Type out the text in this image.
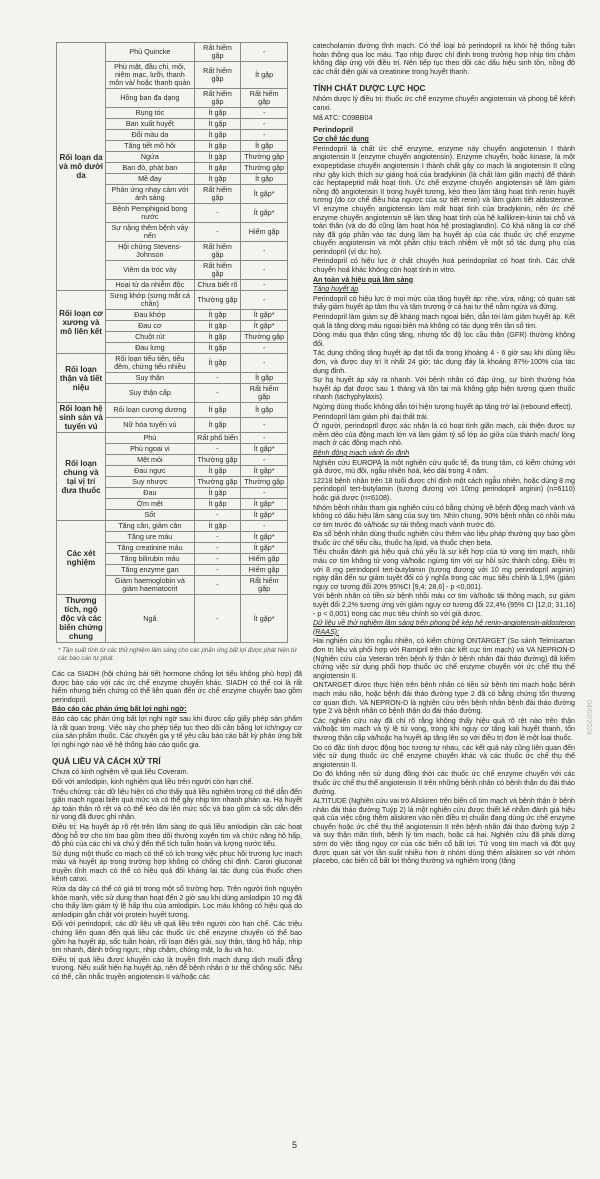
Rối loạn da và mô dưới da	Phù Quincke	Rất hiếm gặp	-
	Phù mặt, đầu chi, môi, niêm mạc, lưỡi, thanh môn và/ hoặc thanh quản	Rất hiếm gặp	Ít gặp
	Hồng ban đa dạng	Rất hiếm gặp	Rất hiếm gặp
	Rụng tóc	Ít gặp	-
	Ban xuất huyết	Ít gặp	-
	Đổi màu da	Ít gặp	-
	Tăng tiết mồ hôi	Ít gặp	Ít gặp
	Ngứa	Ít gặp	Thường gặp
	Ban đỏ, phát ban	Ít gặp	Thường gặp
	Mề đay	Ít gặp	Ít gặp
	Phản ứng nhạy cảm với ánh sáng	Rất hiếm gặp	Ít gặp*
	Bệnh Pemphigoid bọng nước	-	Ít gặp*
	Sự nặng thêm bệnh vảy nến	-	Hiếm gặp
	Hội chứng Stevens-Johnson	Rất hiếm gặp	-
	Viêm da tróc vảy	Rất hiếm gặp	-
	Hoại tử da nhiễm độc	Chưa biết rõ	-
Rối loạn cơ xương và mô liên kết	Sưng khớp (sưng mắt cá chân)	Thường gặp	-
	Đau khớp	Ít gặp	Ít gặp*
	Đau cơ	Ít gặp	Ít gặp*
	Chuột rút	Ít gặp	Thường gặp
	Đau lưng	Ít gặp	-
Rối loạn thận và tiết niệu	Rối loạn tiểu tiện, tiểu đêm, chứng tiểu nhiều	Ít gặp	-
	Suy thận	-	Ít gặp
	Suy thận cấp	-	Rất hiếm gặp
Rối loạn hệ sinh sản và tuyến vú	Rối loạn cương dương	Ít gặp	Ít gặp
	Nữ hóa tuyến vú	Ít gặp	-
Rối loạn chung và tại vị trí đưa thuốc	Phù	Rất phổ biến	-
	Phù ngoại vi	-	Ít gặp*
	Mệt mỏi	Thường gặp	-
	Đau ngực	Ít gặp	Ít gặp*
	Suy nhược	Thường gặp	Thường gặp
	Đau	Ít gặp	-
	Ớm mệt	Ít gặp	Ít gặp*
	Sốt	-	Ít gặp*
Các xét nghiệm	Tăng cân, giảm cân	Ít gặp	-
	Tăng ure máu	-	Ít gặp*
	Tăng creatinine máu	-	Ít gặp*
	Tăng bilirubin máu	-	Hiếm gặp
	Tăng enzyme gan	-	Hiếm gặp
	Giảm haemoglobin và giảm haematocrit	-	Rất hiếm gặp
Thương tích, ngộ độc và các biến chứng chung	Ngã	-	Ít gặp*
* Tần suất tính từ các thử nghiệm lâm sàng cho các phản ứng bất lợi được phát hiện từ các báo cáo tự phát.
Các ca SIADH (hội chứng bài tiết hormone chống lợi tiểu không phù hợp) đã được báo cáo với các ức chế enzyme chuyển khác. SIADH có thể coi là rất hiếm nhưng biến chứng có thể liên quan đến ức chế enzyme chuyển bao gồm perindopril.
Báo cáo các phản ứng bất lợi nghi ngờ:
Báo cáo các phản ứng bất lợi nghi ngờ sau khi được cấp giấy phép sản phẩm là rất quan trọng. Việc này cho phép tiếp tục theo dõi cân bằng lợi ích/nguy cơ của sản phẩm thuốc. Các chuyên gia y tế yêu cầu báo cáo bất kỳ phản ứng bất lợi nghi ngờ nào về hệ thống báo cáo quốc gia.
QUÁ LIỀU VÀ CÁCH XỬ TRÍ
Chưa có kinh nghiệm về quá liều Coveram.
Đối với amlodipin, kinh nghiệm quá liều trên người còn hạn chế.
Triệu chứng: các dữ liệu hiện có cho thấy quá liều nghiêm trọng có thể dẫn đến giãn mạch ngoại biên quá mức và có thể gây nhịp tim nhanh phản xạ. Hạ huyết áp toàn thân rõ rệt và có thể kéo dài lên mức sốc và bao gồm cả sốc dẫn đến tử vong đã được ghi nhận.
Điều trị: Hạ huyết áp rõ rệt trên lâm sàng do quá liều amlodipin cần các hoạt động hỗ trợ cho tim bao gồm theo dõi thường xuyên tim và chức năng hô hấp, độ phù của các chi và chú ý đến thể tích tuần hoàn và lượng nước tiểu.
Sử dụng một thuốc co mạch có thể có ích trong việc phục hồi trương lực mạch máu và huyết áp trong trường hợp không có chống chỉ định. Canxi gluconat truyền tĩnh mạch có thể có hiệu quả đối kháng lại tác dụng của thuốc chẹn kênh canxi.
Rửa dạ dày có thể có giá trị trong một số trường hợp. Trên người tình nguyện khỏe mạnh, việc sử dụng than hoạt đến 2 giờ sau khi dùng amlodipin 10 mg đã cho thấy làm giảm tỷ lệ hấp thu của amlodipin. Lọc máu không có hiệu quả do amlodipin gắn chặt với protein huyết tương.
Đối với perindopril, các dữ liệu về quá liều trên người còn hạn chế. Các triệu chứng liên quan đến quá liều các thuốc ức chế enzyme chuyển có thể bao gồm hạ huyết áp, sốc tuần hoàn, rối loạn điện giải, suy thận, tăng hô hấp, nhịp tim nhanh, đánh trống ngực, nhịp chậm, chóng mặt, lo âu và ho.
Điều trị quá liều được khuyến cáo là truyền tĩnh mạch dung dịch muối đẳng trương. Nếu xuất hiện hạ huyết áp, nên để bệnh nhân ở tư thế chống sốc. Nếu có thể, cần nhắc truyền angiotensin II và/hoặc các
catecholamin đường tĩnh mạch. Có thể loại bỏ perindopril ra khỏi hệ thống tuần hoàn thông qua lọc máu. Tạo nhịp được chỉ định trong trường hợp nhịp tim chậm không đáp ứng với điều trị. Nên tiếp tục theo dõi các dấu hiệu sinh tồn, nồng độ các chất điện giải và creatinine trong huyết thanh.
TÍNH CHẤT DƯỢC LỰC HỌC
Nhóm dược lý điều trị: thuốc ức chế enzyme chuyển angiotensin và phong bế kênh canxi.
Mã ATC: C09BB04
Perindopril
Cơ chế tác dụng
Perindopril là chất ức chế enzyme, enzyme này chuyển angiotensin I thành angiotensin II (enzyme chuyển angiotensin). Enzyme chuyển, hoặc kinase, là một exopeptidase chuyển angiotensin I thành chất gây co mạch là angiotensin II cũng như gây kích thích sự giáng hoá của bradykinin (là chất làm giãn mạch) để thành các heptapeptid mất hoạt tính. Ức chế enzyme chuyển angiotensin sẽ làm giảm nồng độ angiotensin II trong huyết tương, kéo theo làm tăng hoạt tính renin huyết tương (do cơ chế điều hòa ngược của sự tiết renin) và làm giảm tiết aldosterone. Vì enzyme chuyển angiotensin làm mất hoạt tính của bradykinin, nên ức chế enzyme chuyển angiotensin sẽ làm tăng hoạt tính của hệ kallikrein-kinin tại chỗ và toàn thân (và do đó cũng làm hoạt hóa hệ prostaglandin). Có khả năng là cơ chế này đã góp phần vào tác dụng làm hạ huyết áp của các thuốc ức chế enzyme chuyển angiotensin và một phần chịu trách nhiệm về một số tác dụng phụ của perindopril (ví dụ: ho).
Perindopril có hiệu lực ở chất chuyển hoá perindoprilat có hoạt tính. Các chất chuyển hoá khác không còn hoạt tính in vitro.
An toàn và hiệu quả lâm sàng
Tăng huyết áp
Perindopril có hiệu lực ở mọi mức của tăng huyết áp: nhẹ, vừa, nặng; có quan sát thấy giảm huyết áp tâm thu và tâm trương ở cả hai tư thế nằm ngửa và đứng.
Perindopril làm giảm sự đề kháng mạch ngoại biên, dẫn tới làm giảm huyết áp. Kết quả là tăng dòng máu ngoại biên mà không có tác dụng trên tần số tim.
Dòng máu qua thận cũng tăng, nhưng tốc độ lọc cầu thận (GFR) thường không đổi.
Tác dụng chống tăng huyết áp đạt tối đa trong khoảng 4 - 6 giờ sau khi dùng liều đơn, và được duy trì ít nhất 24 giờ; tác dụng đáy là khoảng 87%-100% của tác dụng đỉnh.
Sự hạ huyết áp xảy ra nhanh. Với bệnh nhân có đáp ứng, sự bình thường hóa huyết áp đạt được sau 1 tháng và tồn tại mà không gặp hiện tượng quen thuốc nhanh (tachyphylaxis).
Ngừng dùng thuốc không dẫn tới hiện tượng huyết áp tăng trở lại (rebound effect).
Perindopril làm giảm phì đại thất trái.
Ở người, perindopril được xác nhận là có hoạt tính giãn mạch, cải thiện được sự mềm dẻo của động mạch lớn và làm giảm tỷ số lớp áo giữa của thành mạch/ lòng mạch ở các động mạch nhỏ.
Bệnh động mạch vành ổn định
Nghiên cứu EUROPA là một nghiên cứu quốc tế, đa trung tâm, có kiểm chứng với giả dược, mù đôi, ngẫu nhiên hoá, kéo dài trong 4 năm.
12218 bệnh nhân trên 18 tuổi được chỉ định một cách ngẫu nhiên, hoặc dùng 8 mg perindopril tert-butylamin (tương đương với 10mg perindopril arginin) (n=6110) hoặc giả dược (n=6108).
Nhóm bệnh nhân tham gia nghiên cứu có bằng chứng về bệnh động mạch vành và không có dấu hiệu lâm sàng của suy tim. Nhìn chung, 90% bệnh nhân có nhồi máu cơ tim trước đó và/hoặc sự tái thông mạch vành trước đó.
Đa số bệnh nhân dùng thuốc nghiên cứu thêm vào liệu pháp thường quy bao gồm thuốc ức chế tiểu cầu, thuốc hạ lipid, và thuốc chẹn beta.
Tiêu chuẩn đánh giá hiệu quả chủ yếu là sự kết hợp của tử vong tim mạch, nhồi máu cơ tim không tử vong và/hoặc ngừng tim với sự hồi sức thành công. Điều trị với 8 mg perindopril tert-butylamin (tương đương với 10 mg perindopril arginin) ngày dẫn đến sự giảm tuyệt đối có ý nghĩa trong các mục tiêu chính là 1,9% (giảm nguy cơ tương đối 20% 95%CI [9,4; 28,6] - p <0,001).
Với bệnh nhân có tiền sử bệnh nhồi máu cơ tim và/hoặc tái thông mạch, sự giảm tuyệt đối 2,2% tương ứng với giảm nguy cơ tương đối 22,4% (95% CI [12,0; 31,16] - p < 0,001) trong các mục tiêu chính so với giả dược.
Dữ liệu về thử nghiệm lâm sàng trên phong bế kép hệ renin-angiotensin-aldosteron (RAAS):
Hai nghiên cứu lớn ngẫu nhiên, có kiểm chứng ONTARGET (So sánh Telmisartan đơn trị liệu và phối hợp với Ramipril trên các kết cục tim mạch) và VA NEPRON-D (Nghiên cứu của Veteran trên bệnh lý thận ở bệnh nhân đái tháo đường) đã kiểm chứng việc sử dụng phối hợp thuốc ức chế enzyme chuyển với ức chế thụ thể angiotensin II.
ONTARGET được thực hiện trên bệnh nhân có tiền sử bệnh tim mạch hoặc bệnh mạch máu não, hoặc bệnh đái tháo đường type 2 đã có bằng chứng tổn thương cơ quan đích. VA NEPRON-D là nghiên cứu trên bệnh nhân bệnh đái tháo đường type 2 và bệnh nhân có bệnh thận do đái tháo đường.
Các nghiên cứu này đã chỉ rõ rằng không thấy hiệu quả rõ rệt nào trên thận và/hoặc tim mạch và tỷ lệ tử vong, trong khi nguy cơ tăng kali huyết thanh, tổn thương thận cấp và/hoặc hạ huyết áp tăng lên so với điều trị đơn lẻ một loại thuốc.
Do có đặc tính dược động học tương tự nhau, các kết quả này cũng liên quan đến việc sử dụng thuốc ức chế enzyme chuyển khác và các thuốc ức chế thụ thể angiotensin II.
Do đó không nên sử dụng đồng thời các thuốc ức chế enzyme chuyển với các thuốc ức chế thụ thể angiotensin II trên những bệnh nhân có bệnh thận do đái tháo đường.
ALTITUDE (Nghiên cứu vai trò Aliskiren trên biến cố tim mạch và bệnh thận ở bệnh nhân đái tháo đường Tuýp 2) là một nghiên cứu được thiết kế nhằm đánh giá hiệu quả của việc cộng thêm aliskiren vào nền điều trị chuẩn đang dùng ức chế enzyme chuyển hoặc ức chế thụ thể angiotensin II trên bệnh nhân đái tháo đường tuýp 2 và suy thận mãn tính, bệnh lý tim mạch, hoặc cả hai. Nghiên cứu đã phải dừng sớm do việc tăng nguy cơ của các biến cố bất lợi. Tử vong tim mạch và đột quỵ được quan sát với tần suất nhiều hơn ở nhóm dùng thêm aliskiren so với nhóm placebo, các biến cố bất lợi thông thường và nghiêm trọng (tăng
04/02/2024
5
